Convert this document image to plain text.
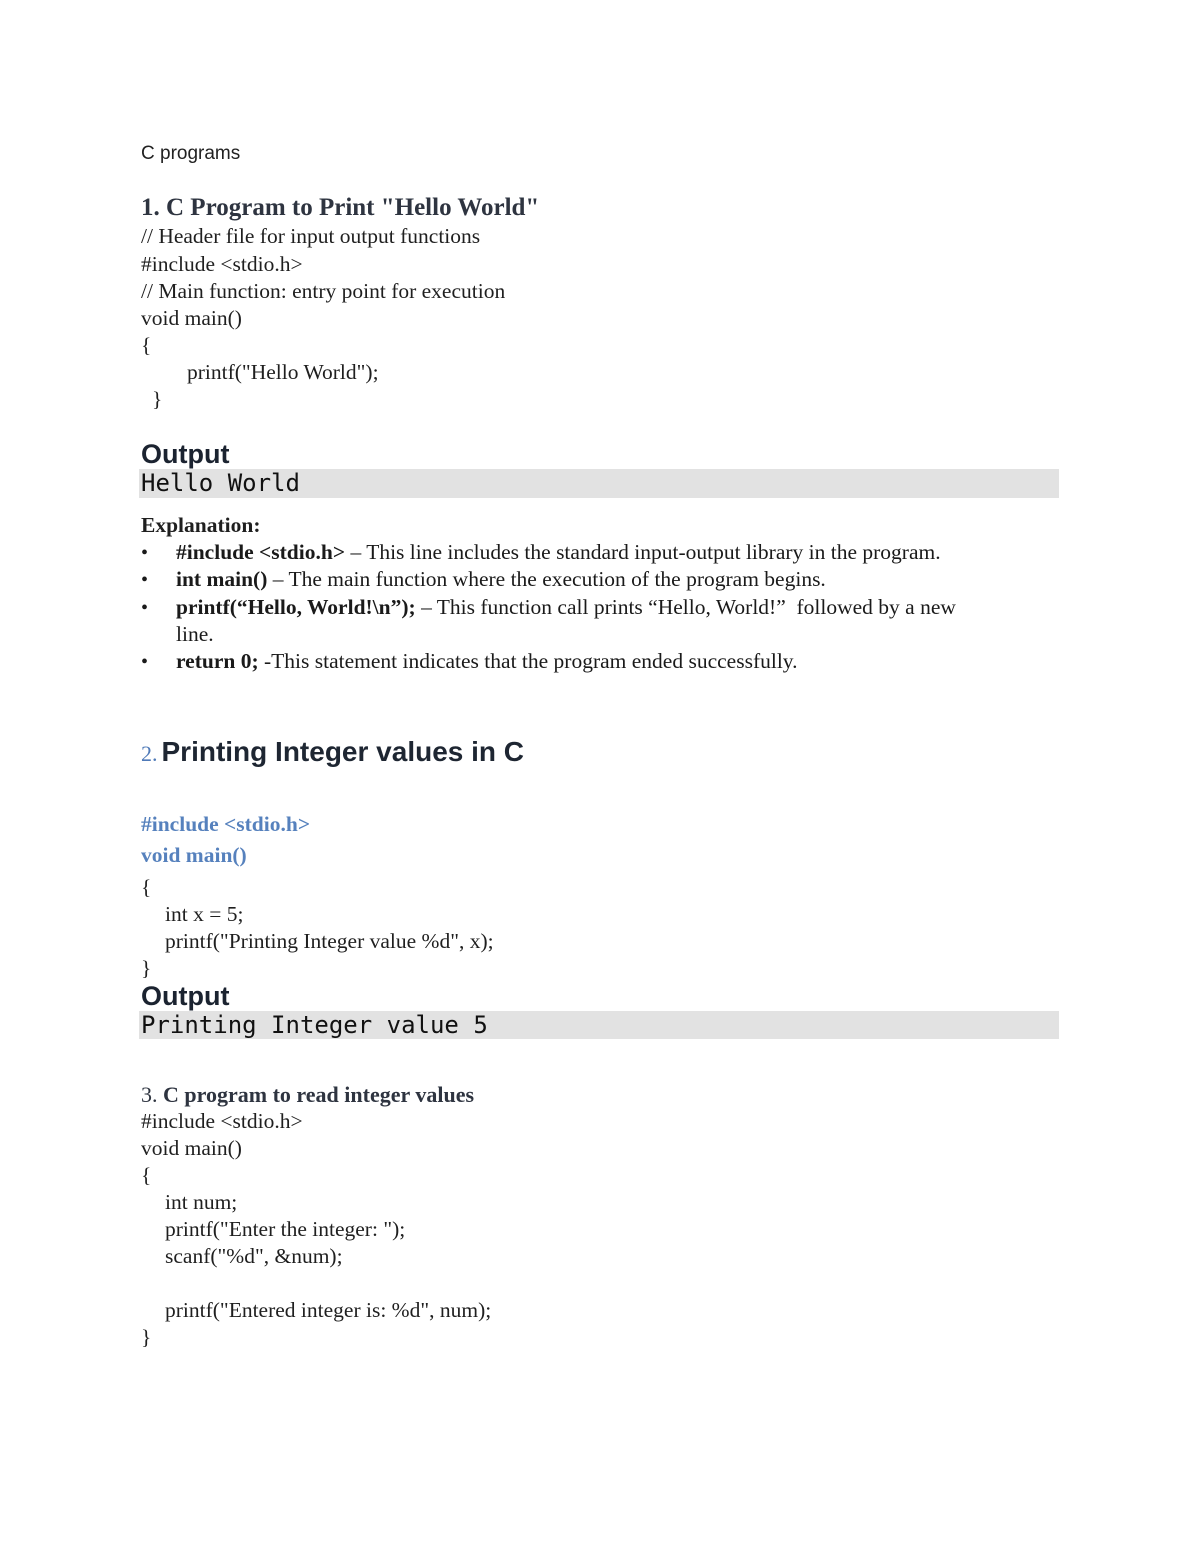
C programs
1. C Program to Print "Hello World"
// Header file for input output functions
#include <stdio.h>
// Main function: entry point for execution
void main()
{
printf("Hello World");
}
Output
Hello World
Explanation:
• #include <stdio.h> – This line includes the standard input-output library in the program.
• int main() – The main function where the execution of the program begins.
• printf(“Hello, World!\n”); – This function call prints “Hello, World!”  followed by a new
line.
• return 0; -This statement indicates that the program ended successfully.
2. Printing Integer values in C
#include <stdio.h>
void main()
{
int x = 5;
printf("Printing Integer value %d", x);
}
Output
Printing Integer value 5
3. C program to read integer values
#include <stdio.h>
void main()
{
int num;
printf("Enter the integer: ");
scanf("%d", &num);
printf("Entered integer is: %d", num);
}
